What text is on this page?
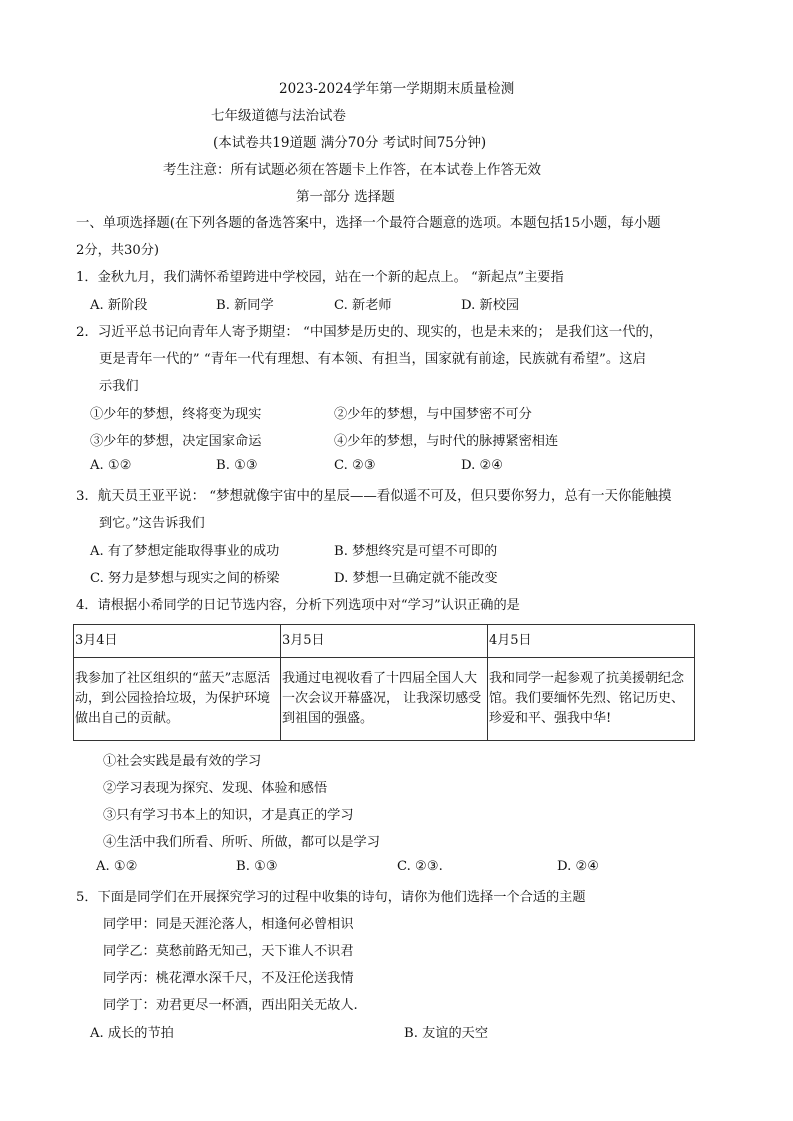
2023-2024学年第一学期期末质量检测
七年级道德与法治试卷
(本试卷共19道题 满分70分 考试时间75分钟)
考生注意：所有试题必须在答题卡上作答，在本试卷上作答无效
第一部分 选择题
一、单项选择题(在下列各题的备选答案中，选择一个最符合题意的选项。本题包括15小题，每小题
2分，共30分)
1．金秋九月，我们满怀希望跨进中学校园，站在一个新的起点上。 “新起点”主要指
A. 新阶段	B. 新同学	C. 新老师	D. 新校园
2．习近平总书记向青年人寄予期望： “中国梦是历史的、现实的，也是未来的； 是我们这一代的，
更是青年一代的” “青年一代有理想、有本领、有担当，国家就有前途，民族就有希望”。这启
示我们
①少年的梦想，终将变为现实	②少年的梦想，与中国梦密不可分
③少年的梦想，决定国家命运	④少年的梦想，与时代的脉搏紧密相连
A. ①②	B. ①③	C. ②③	D. ②④
3．航天员王亚平说： “梦想就像宇宙中的星辰——看似遥不可及，但只要你努力，总有一天你能触摸
到它。”这告诉我们
A. 有了梦想定能取得事业的成功	B. 梦想终究是可望不可即的
C. 努力是梦想与现实之间的桥梁	D. 梦想一旦确定就不能改变
4．请根据小希同学的日记节选内容，分析下列选项中对“学习”认识正确的是
3月4日	3月5日	4月5日
我参加了社区组织的“蓝天”志愿活动，到公园捡拾垃圾，为保护环境做出自己的贡献。	我通过电视收看了十四届全国人大一次会议开幕盛况， 让我深切感受到祖国的强盛。	我和同学一起参观了抗美援朝纪念馆。我们要缅怀先烈、铭记历史、珍爱和平、强我中华!
①社会实践是最有效的学习
②学习表现为探究、发现、体验和感悟
③只有学习书本上的知识，才是真正的学习
④生活中我们所看、所听、所做，都可以是学习
A. ①②	B. ①③	C. ②③.	D. ②④
5．下面是同学们在开展探究学习的过程中收集的诗句，请你为他们选择一个合适的主题
同学甲：同是天涯沦落人，相逢何必曾相识
同学乙：莫愁前路无知己，天下谁人不识君
同学丙：桃花潭水深千尺，不及汪伦送我情
同学丁：劝君更尽一杯酒，西出阳关无故人.
A. 成长的节拍	B. 友谊的天空
